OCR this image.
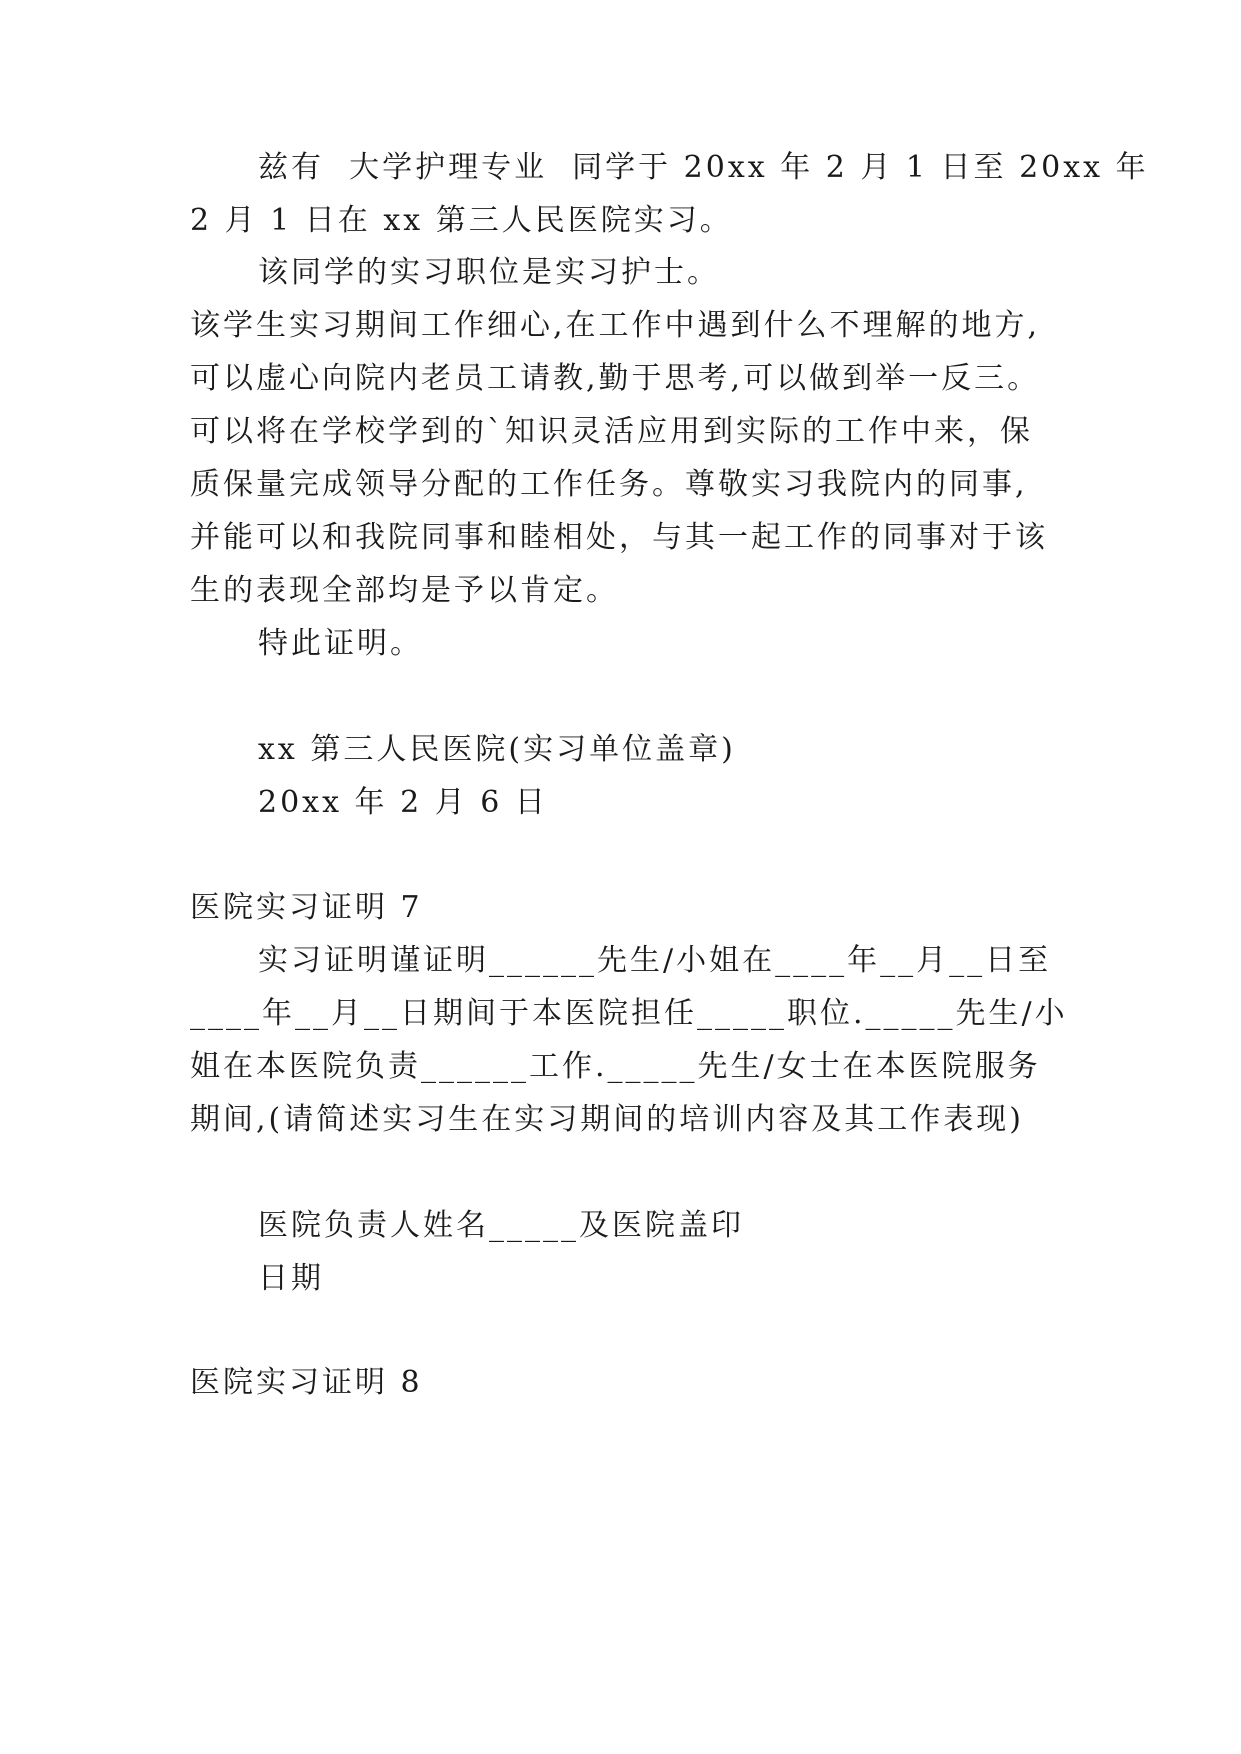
兹有  大学护理专业  同学于 20xx 年 2 月 1 日至 20xx 年
2 月 1 日在 xx 第三人民医院实习。
该同学的实习职位是实习护士。
该学生实习期间工作细心,在工作中遇到什么不理解的地方,
可以虚心向院内老员工请教,勤于思考,可以做到举一反三。
可以将在学校学到的`知识灵活应用到实际的工作中来，保
质保量完成领导分配的工作任务。尊敬实习我院内的同事,
并能可以和我院同事和睦相处，与其一起工作的同事对于该
生的表现全部均是予以肯定。
特此证明。
xx 第三人民医院(实习单位盖章)
20xx 年 2 月 6 日
医院实习证明 7
实习证明谨证明______先生/小姐在____年__月__日至
____年__月__日期间于本医院担任_____职位._____先生/小
姐在本医院负责______工作._____先生/女士在本医院服务
期间,(请简述实习生在实习期间的培训内容及其工作表现)
医院负责人姓名_____及医院盖印
日期
医院实习证明 8
